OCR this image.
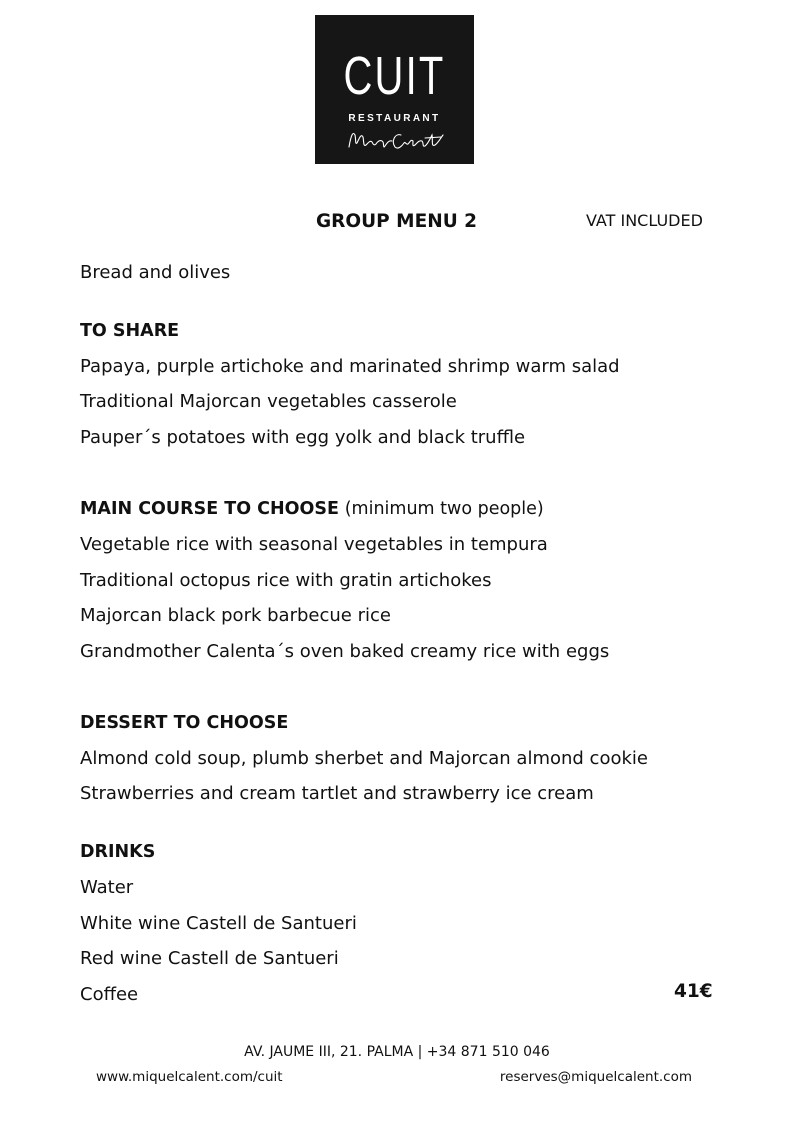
CUIT
RESTAURANT
GROUP MENU 2	VAT INCLUDED
Bread and olives
TO SHARE
Papaya, purple artichoke and marinated shrimp warm salad
Traditional Majorcan vegetables casserole
Pauper´s potatoes with egg yolk and black truffle
MAIN COURSE TO CHOOSE (minimum two people)
Vegetable rice with seasonal vegetables in tempura
Traditional octopus rice with gratin artichokes
Majorcan black pork barbecue rice
Grandmother Calenta´s oven baked creamy rice with eggs
DESSERT TO CHOOSE
Almond cold soup, plumb sherbet and Majorcan almond cookie
Strawberries and cream tartlet and strawberry ice cream
DRINKS
Water
White wine Castell de Santueri
Red wine Castell de Santueri
Coffee	41€
AV. JAUME III, 21. PALMA | +34 871 510 046
www.miquelcalent.com/cuit	reserves@miquelcalent.com
